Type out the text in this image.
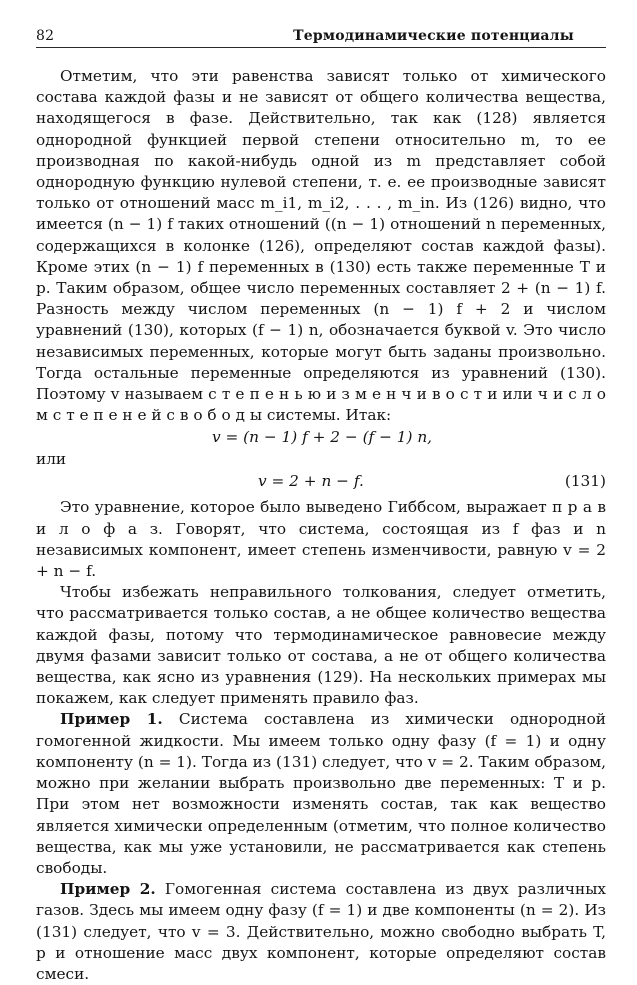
82	Термодинамические потенциалы

Отметим, что эти равенства зависят только от химического состава каждой фазы и не зависят от общего количества вещества, находящегося в фазе. Действительно, так как (128) является однородной функцией первой степени относительно m, то ее производная по какой-нибудь одной из m представляет собой однородную функцию нулевой степени, т. е. ее производные зависят только от отношений масс m_i1, m_i2, . . . , m_in. Из (126) видно, что имеется (n − 1) f таких отношений ((n − 1) отношений n переменных, содержащихся в колонке (126), определяют состав каждой фазы). Кроме этих (n − 1) f переменных в (130) есть также переменные T и p. Таким образом, общее число переменных составляет 2 + (n − 1) f. Разность между числом переменных (n − 1) f + 2 и числом уравнений (130), которых (f − 1) n, обозначается буквой v. Это число независимых переменных, которые могут быть заданы произвольно. Тогда остальные переменные определяются из уравнений (130). Поэтому v называем с т е п е н ь ю и з м е н ч и в о с т и или ч и с л о м с т е п е н е й с в о б о д ы системы. Итак:

v = (n − 1) f + 2 − (f − 1) n,
или
v = 2 + n − f.	(131)

Это уравнение, которое было выведено Гиббсом, выражает п р а в и л о ф а з. Говорят, что система, состоящая из f фаз и n независимых компонент, имеет степень изменчивости, равную v = 2 + n − f.

Чтобы избежать неправильного толкования, следует отметить, что рассматривается только состав, а не общее количество вещества каждой фазы, потому что термодинамическое равновесие между двумя фазами зависит только от состава, а не от общего количества вещества, как ясно из уравнения (129). На нескольких примерах мы покажем, как следует применять правило фаз.

Пример 1. Система составлена из химически однородной гомогенной жидкости. Мы имеем только одну фазу (f = 1) и одну компоненту (n = 1). Тогда из (131) следует, что v = 2. Таким образом, можно при желании выбрать произвольно две переменных: T и p. При этом нет возможности изменять состав, так как вещество является химически определенным (отметим, что полное количество вещества, как мы уже установили, не рассматривается как степень свободы.

Пример 2. Гомогенная система составлена из двух различных газов. Здесь мы имеем одну фазу (f = 1) и две компоненты (n = 2). Из (131) следует, что v = 3. Действительно, можно свободно выбрать T, p и отношение масс двух компонент, которые определяют состав смеси.
